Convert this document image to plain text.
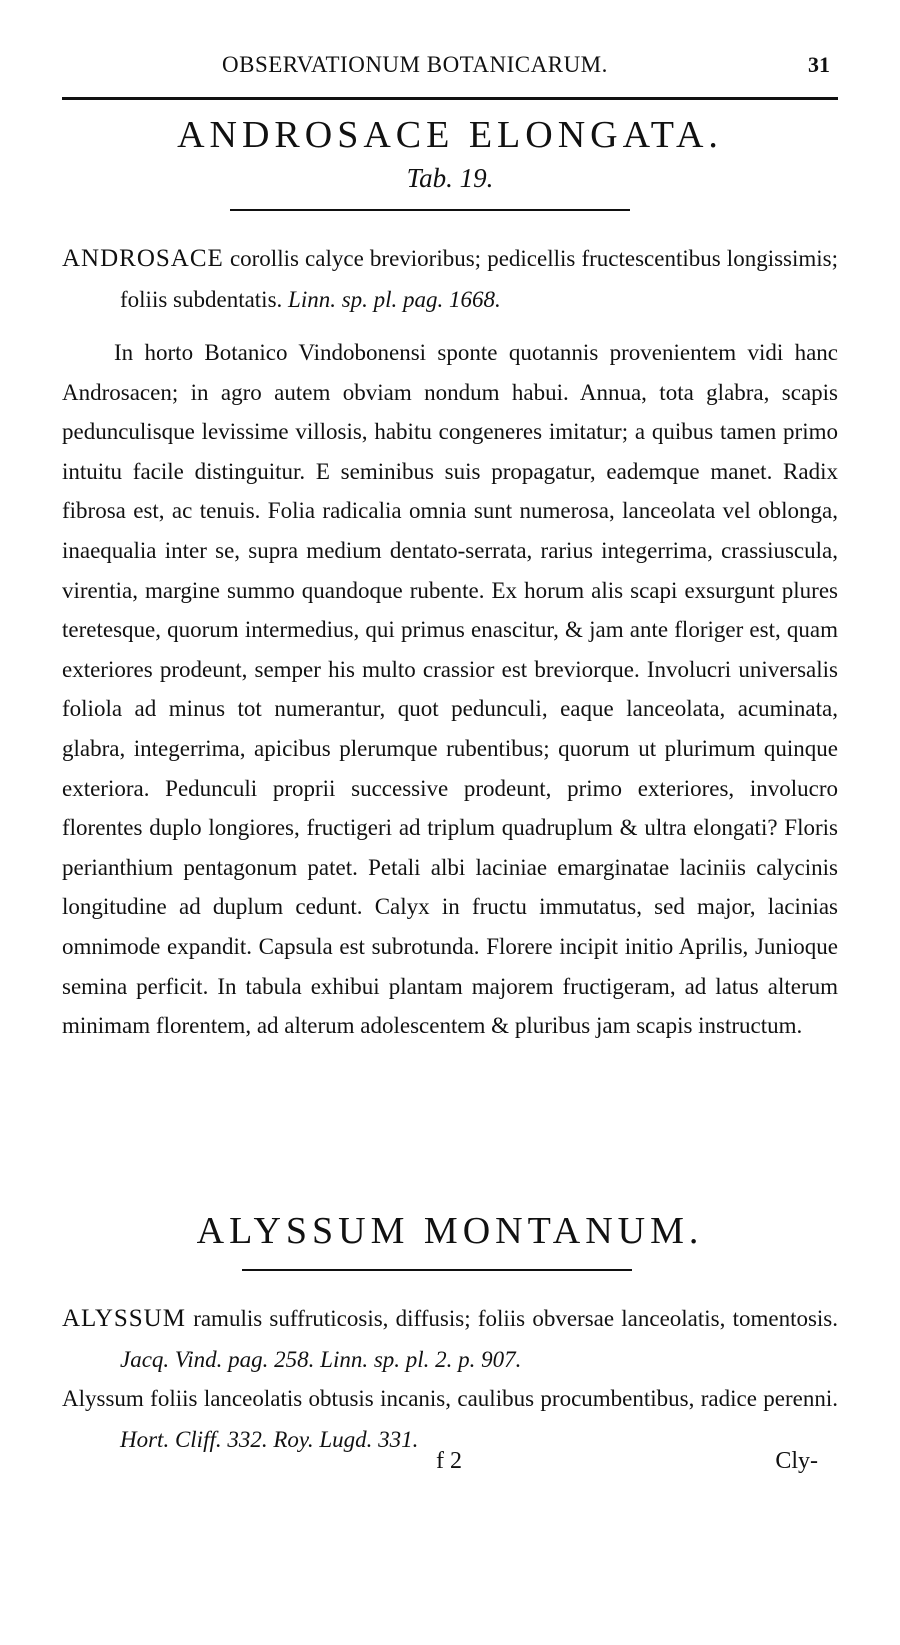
OBSERVATIONUM BOTANICARUM.	31
ANDROSACE ELONGATA.
Tab. 19.
ANDROSACE corollis calyce brevioribus; pedicellis fructescentibus longissimis; foliis subdentatis. Linn. sp. pl. pag. 1668.
In horto Botanico Vindobonensi sponte quotannis provenientem vidi hanc Androsacen; in agro autem obviam nondum habui. Annua, tota glabra, scapis pedunculisque levissime villosis, habitu congeneres imitatur; a quibus tamen primo intuitu facile distinguitur. E seminibus suis propagatur, eademque manet. Radix fibrosa est, ac tenuis. Folia radicalia omnia sunt numerosa, lanceolata vel oblonga, inaequalia inter se, supra medium dentato-serrata, rarius integerrima, crassiuscula, virentia, margine summo quandoque rubente. Ex horum alis scapi exsurgunt plures teretesque, quorum intermedius, qui primus enascitur, & jam ante floriger est, quam exteriores prodeunt, semper his multo crassior est breviorque. Involucri universalis foliola ad minus tot numerantur, quot pedunculi, eaque lanceolata, acuminata, glabra, integerrima, apicibus plerumque rubentibus; quorum ut plurimum quinque exteriora. Pedunculi proprii successive prodeunt, primo exteriores, involucro florentes duplo longiores, fructigeri ad triplum quadruplum & ultra elongati? Floris perianthium pentagonum patet. Petali albi laciniae emarginatae laciniis calycinis longitudine ad duplum cedunt. Calyx in fructu immutatus, sed major, lacinias omnimode expandit. Capsula est subrotunda. Florere incipit initio Aprilis, Junioque semina perficit. In tabula exhibui plantam majorem fructigeram, ad latus alterum minimam florentem, ad alterum adolescentem & pluribus jam scapis instructum.
ALYSSUM MONTANUM.
ALYSSUM ramulis suffruticosis, diffusis; foliis obversae lanceolatis, tomentosis. Jacq. Vind. pag. 258. Linn. sp. pl. 2. p. 907.
Alyssum foliis lanceolatis obtusis incanis, caulibus procumbentibus, radice perenni. Hort. Cliff. 332. Roy. Lugd. 331.
f 2	Cly-
